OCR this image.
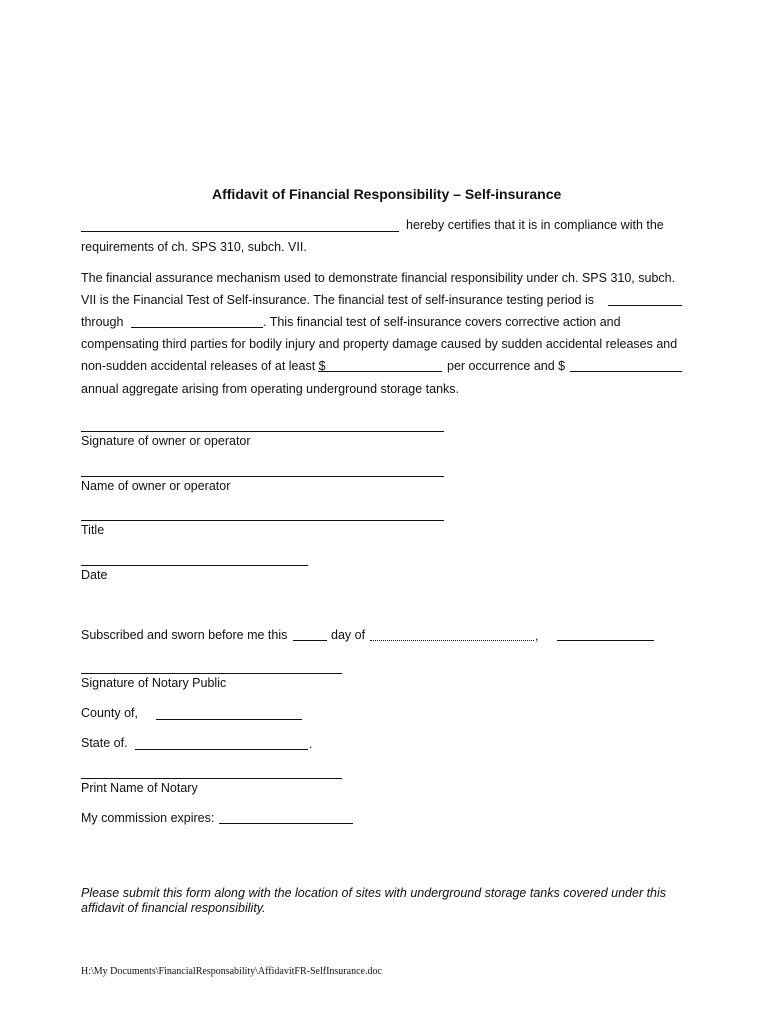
Affidavit of Financial Responsibility – Self-insurance
hereby certifies that it is in compliance with the
requirements of ch. SPS 310, subch. VII.
The financial assurance mechanism used to demonstrate financial responsibility under ch. SPS 310, subch.
VII is the Financial Test of Self-insurance. The financial test of self-insurance testing period is
through	. This financial test of self-insurance covers corrective action and
compensating third parties for bodily injury and property damage caused by sudden accidental releases and
non-sudden accidental releases of at least $	per occurrence and $
annual aggregate arising from operating underground storage tanks.
Signature of owner or operator
Name of owner or operator
Title
Date
Subscribed and sworn before me this	day of	,
Signature of Notary Public
County of,
State of.	.
Print Name of Notary
My commission expires:
Please submit this form along with the location of sites with underground storage tanks covered under this affidavit of financial responsibility.
H:\My Documents\FinancialResponsability\AffidavitFR-SelfInsurance.doc
